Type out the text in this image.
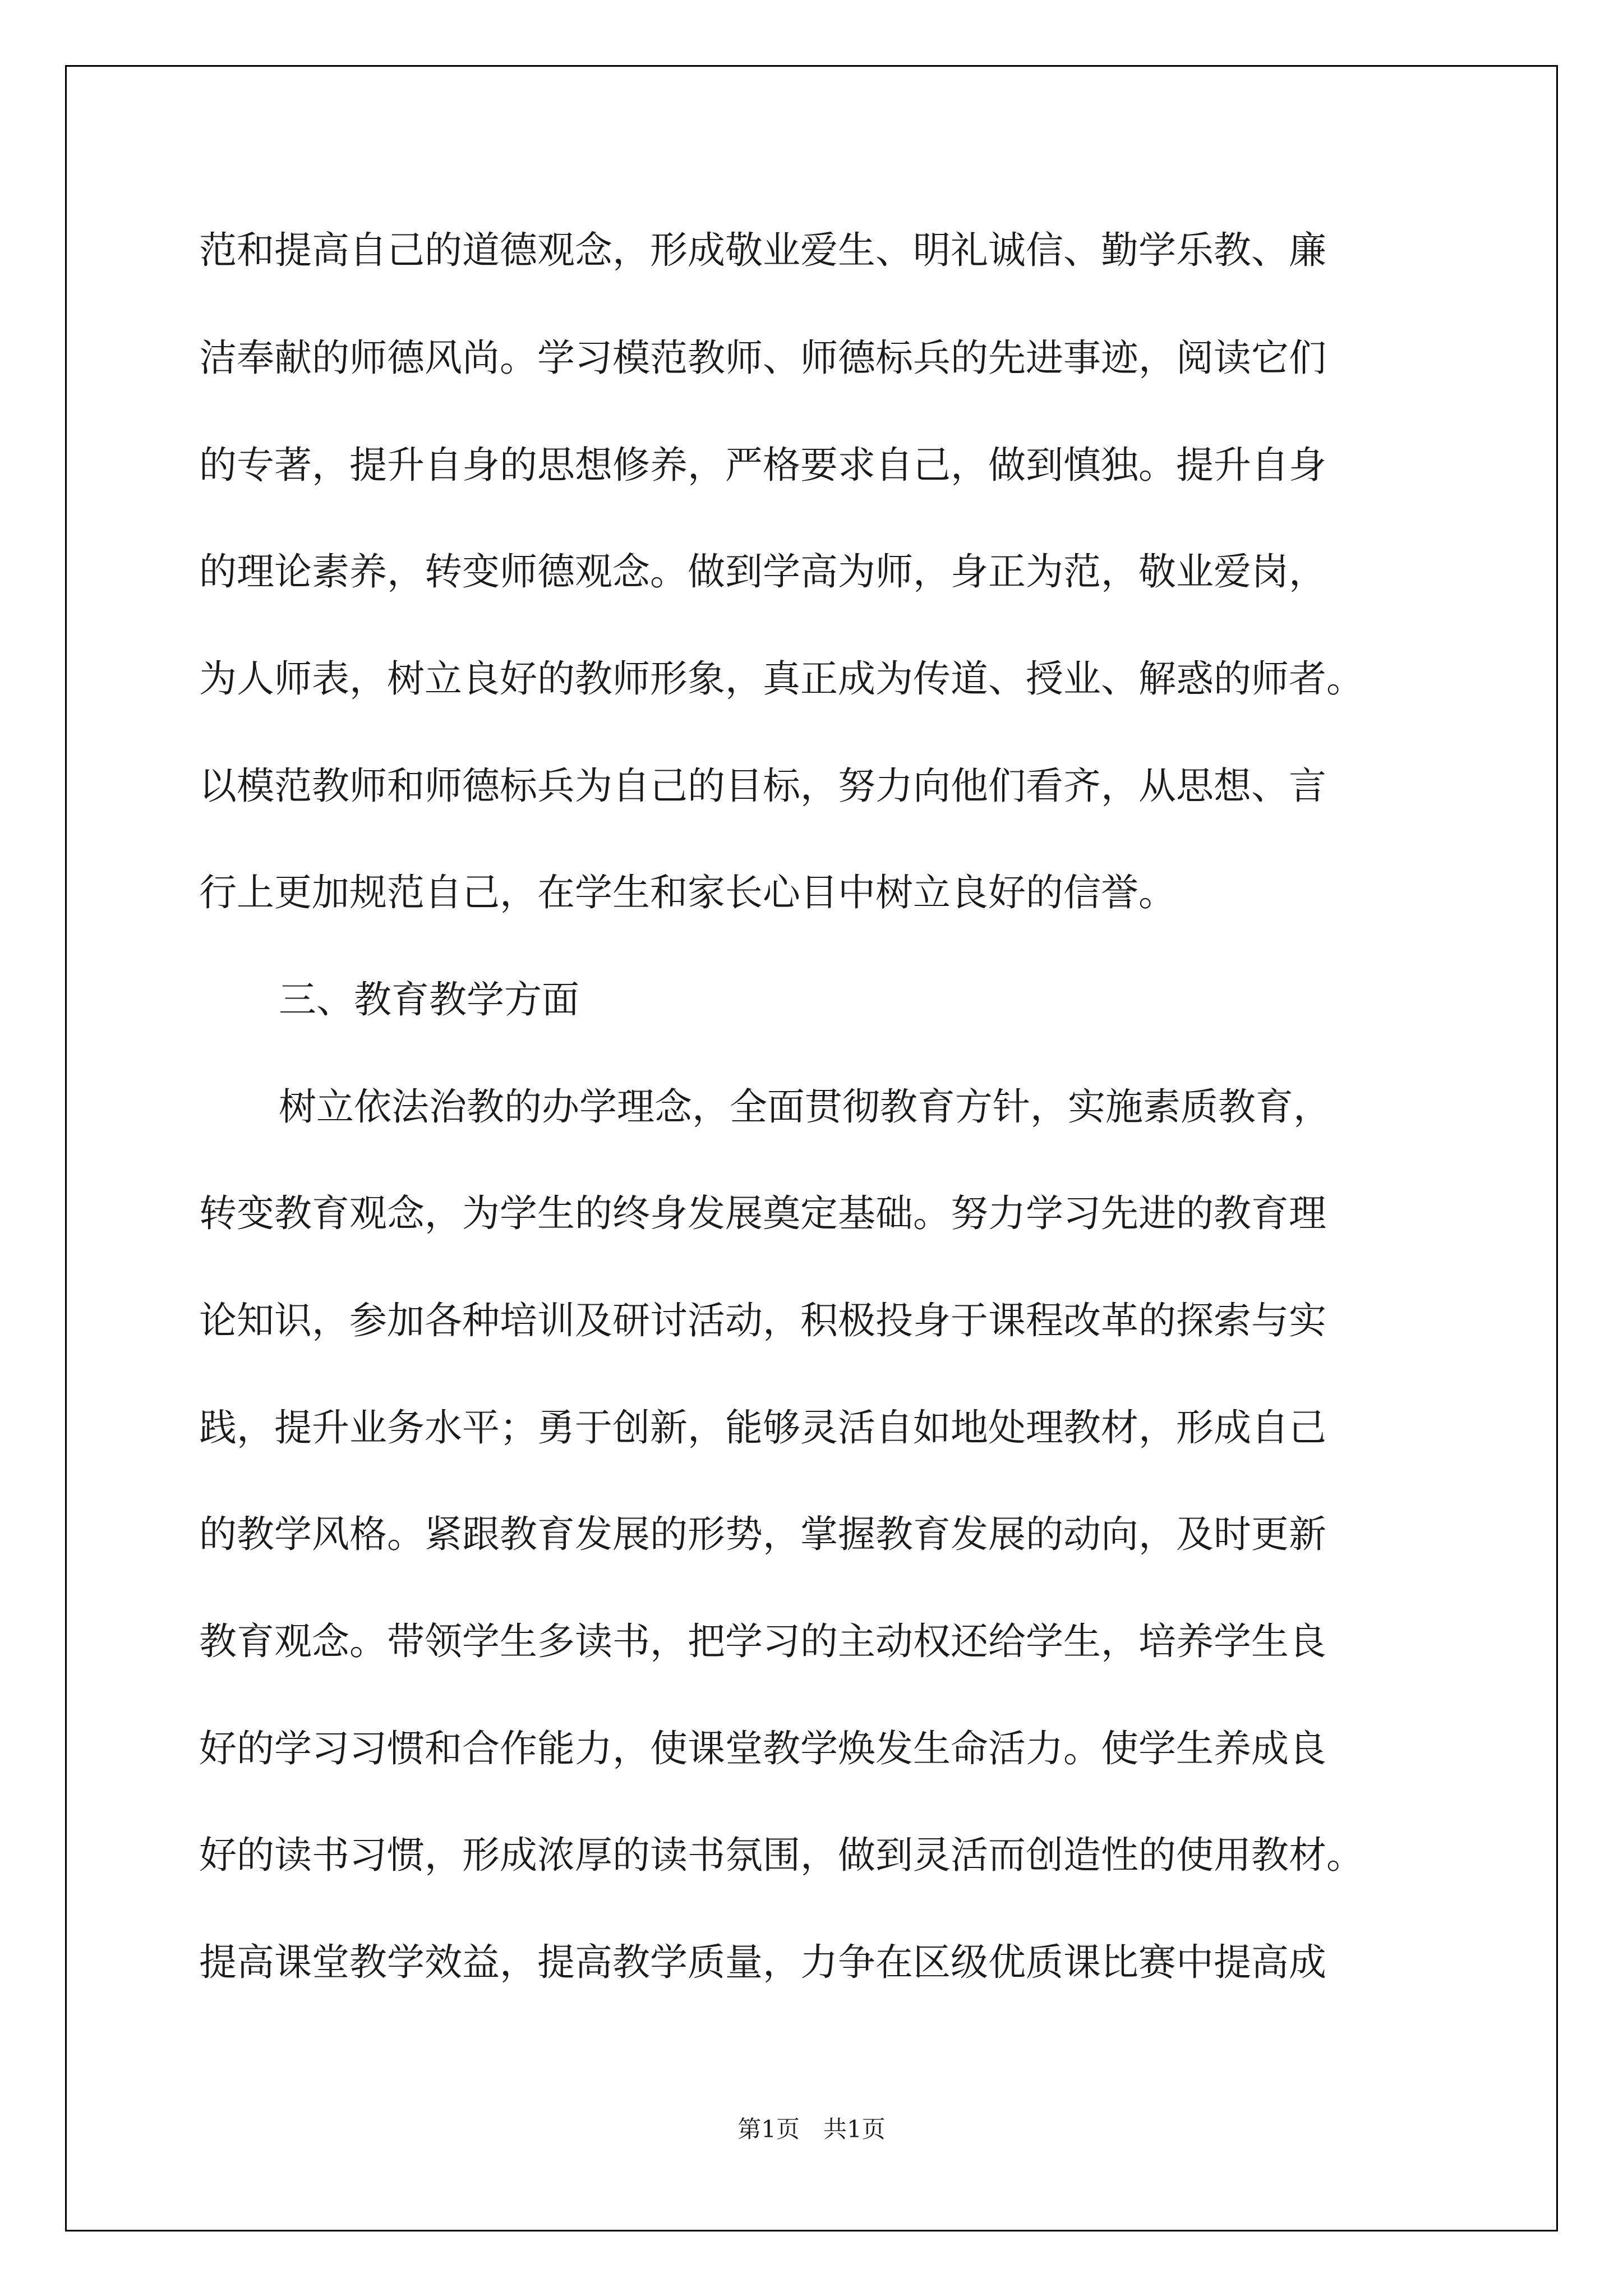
范和提高自己的道德观念，形成敬业爱生、明礼诚信、勤学乐教、廉

洁奉献的师德风尚。学习模范教师、师德标兵的先进事迹，阅读它们

的专著，提升自身的思想修养，严格要求自己，做到慎独。提升自身

的理论素养，转变师德观念。做到学高为师，身正为范，敬业爱岗，

为人师表，树立良好的教师形象，真正成为传道、授业、解惑的师者。

以模范教师和师德标兵为自己的目标，努力向他们看齐，从思想、言

行上更加规范自己，在学生和家长心目中树立良好的信誉。

三、教育教学方面

树立依法治教的办学理念，全面贯彻教育方针，实施素质教育，

转变教育观念，为学生的终身发展奠定基础。努力学习先进的教育理

论知识，参加各种培训及研讨活动，积极投身于课程改革的探索与实

践，提升业务水平；勇于创新，能够灵活自如地处理教材，形成自己

的教学风格。紧跟教育发展的形势，掌握教育发展的动向，及时更新

教育观念。带领学生多读书，把学习的主动权还给学生，培养学生良

好的学习习惯和合作能力，使课堂教学焕发生命活力。使学生养成良

好的读书习惯，形成浓厚的读书氛围，做到灵活而创造性的使用教材。

提高课堂教学效益，提高教学质量，力争在区级优质课比赛中提高成

第1页　共1页
